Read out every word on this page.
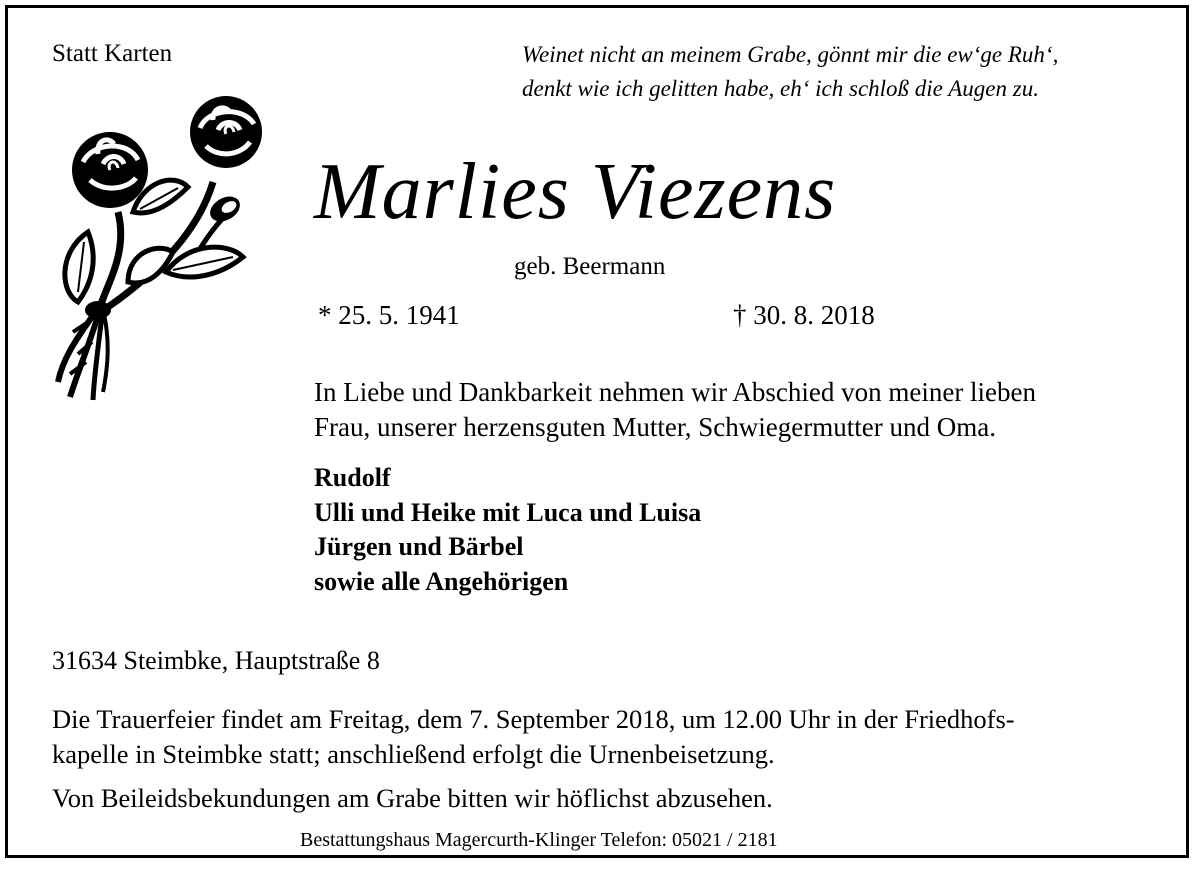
Statt Karten	Weinet nicht an meinem Grabe, gönnt mir die ew‘ge Ruh‘,
denkt wie ich gelitten habe, eh‘ ich schloß die Augen zu.
Marlies Viezens
geb. Beermann
* 25. 5. 1941	† 30. 8. 2018
In Liebe und Dankbarkeit nehmen wir Abschied von meiner lieben
Frau, unserer herzensguten Mutter, Schwiegermutter und Oma.
Rudolf
Ulli und Heike mit Luca und Luisa
Jürgen und Bärbel
sowie alle Angehörigen
31634 Steimbke, Hauptstraße 8
Die Trauerfeier findet am Freitag, dem 7. September 2018, um 12.00 Uhr in der Friedhofs-
kapelle in Steimbke statt; anschließend erfolgt die Urnenbeisetzung.
Von Beileidsbekundungen am Grabe bitten wir höflichst abzusehen.
Bestattungshaus Magercurth-Klinger Telefon: 05021 / 2181
